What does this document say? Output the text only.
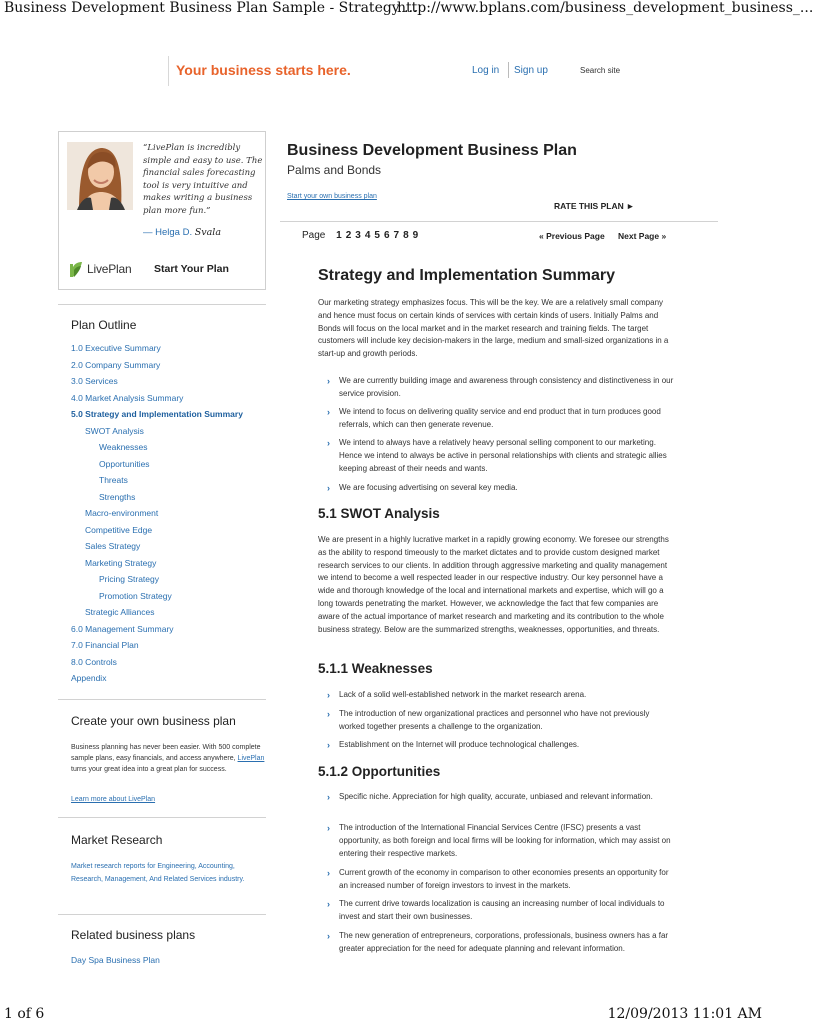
Business Development Business Plan Sample - Strategy ...
http://www.bplans.com/business_development_business_...
Your business starts here.	Log in Sign up	Search site
“LivePlan is incredibly simple and easy to use. The financial sales forecasting tool is very intuitive and makes writing a business plan more fun.”
— Helga D. Svala
LivePlan Start Your Plan
Plan Outline
1.0 Executive Summary
2.0 Company Summary
3.0 Services
4.0 Market Analysis Summary
5.0 Strategy and Implementation Summary
SWOT Analysis
Weaknesses
Opportunities
Threats
Strengths
Macro-environment
Competitive Edge
Sales Strategy
Marketing Strategy
Pricing Strategy
Promotion Strategy
Strategic Alliances
6.0 Management Summary
7.0 Financial Plan
8.0 Controls
Appendix
Create your own business plan
Business planning has never been easier. With 500 complete sample plans, easy financials, and access anywhere, LivePlan turns your great idea into a great plan for success.
Learn more about LivePlan
Market Research
Market research reports for Engineering, Accounting, Research, Management, And Related Services industry.
Related business plans
Day Spa Business Plan
Business Development Business Plan
Palms and Bonds
Start your own business plan
RATE THIS PLAN ►
Page 1 2 3 4 5 6 7 8 9	« Previous Page Next Page »
Strategy and Implementation Summary
Our marketing strategy emphasizes focus. This will be the key. We are a relatively small company and hence must focus on certain kinds of services with certain kinds of users. Initially Palms and Bonds will focus on the local market and in the market research and training fields. The target customers will include key decision-makers in the large, medium and small-sized organizations in a start-up and growth periods.
› We are currently building image and awareness through consistency and distinctiveness in our service provision.
› We intend to focus on delivering quality service and end product that in turn produces good referrals, which can then generate revenue.
› We intend to always have a relatively heavy personal selling component to our marketing. Hence we intend to always be active in personal relationships with clients and strategic allies keeping abreast of their needs and wants.
› We are focusing advertising on several key media.
5.1 SWOT Analysis
We are present in a highly lucrative market in a rapidly growing economy. We foresee our strengths as the ability to respond timeously to the market dictates and to provide custom designed market research services to our clients. In addition through aggressive marketing and quality management we intend to become a well respected leader in our respective industry. Our key personnel have a wide and thorough knowledge of the local and international markets and expertise, which will go a long towards penetrating the market. However, we acknowledge the fact that few companies are aware of the actual importance of market research and marketing and its contribution to the whole business strategy. Below are the summarized strengths, weaknesses, opportunities, and threats.
5.1.1 Weaknesses
› Lack of a solid well-established network in the market research arena.
› The introduction of new organizational practices and personnel who have not previously worked together presents a challenge to the organization.
› Establishment on the Internet will produce technological challenges.
5.1.2 Opportunities
› Specific niche. Appreciation for high quality, accurate, unbiased and relevant information.
› The introduction of the International Financial Services Centre (IFSC) presents a vast opportunity, as both foreign and local firms will be looking for information, which may assist on entering their respective markets.
› Current growth of the economy in comparison to other economies presents an opportunity for an increased number of foreign investors to invest in the markets.
› The current drive towards localization is causing an increasing number of local individuals to invest and start their own businesses.
› The new generation of entrepreneurs, corporations, professionals, business owners has a far greater appreciation for the need for adequate planning and relevant information.
1 of 6	12/09/2013 11:01 AM
